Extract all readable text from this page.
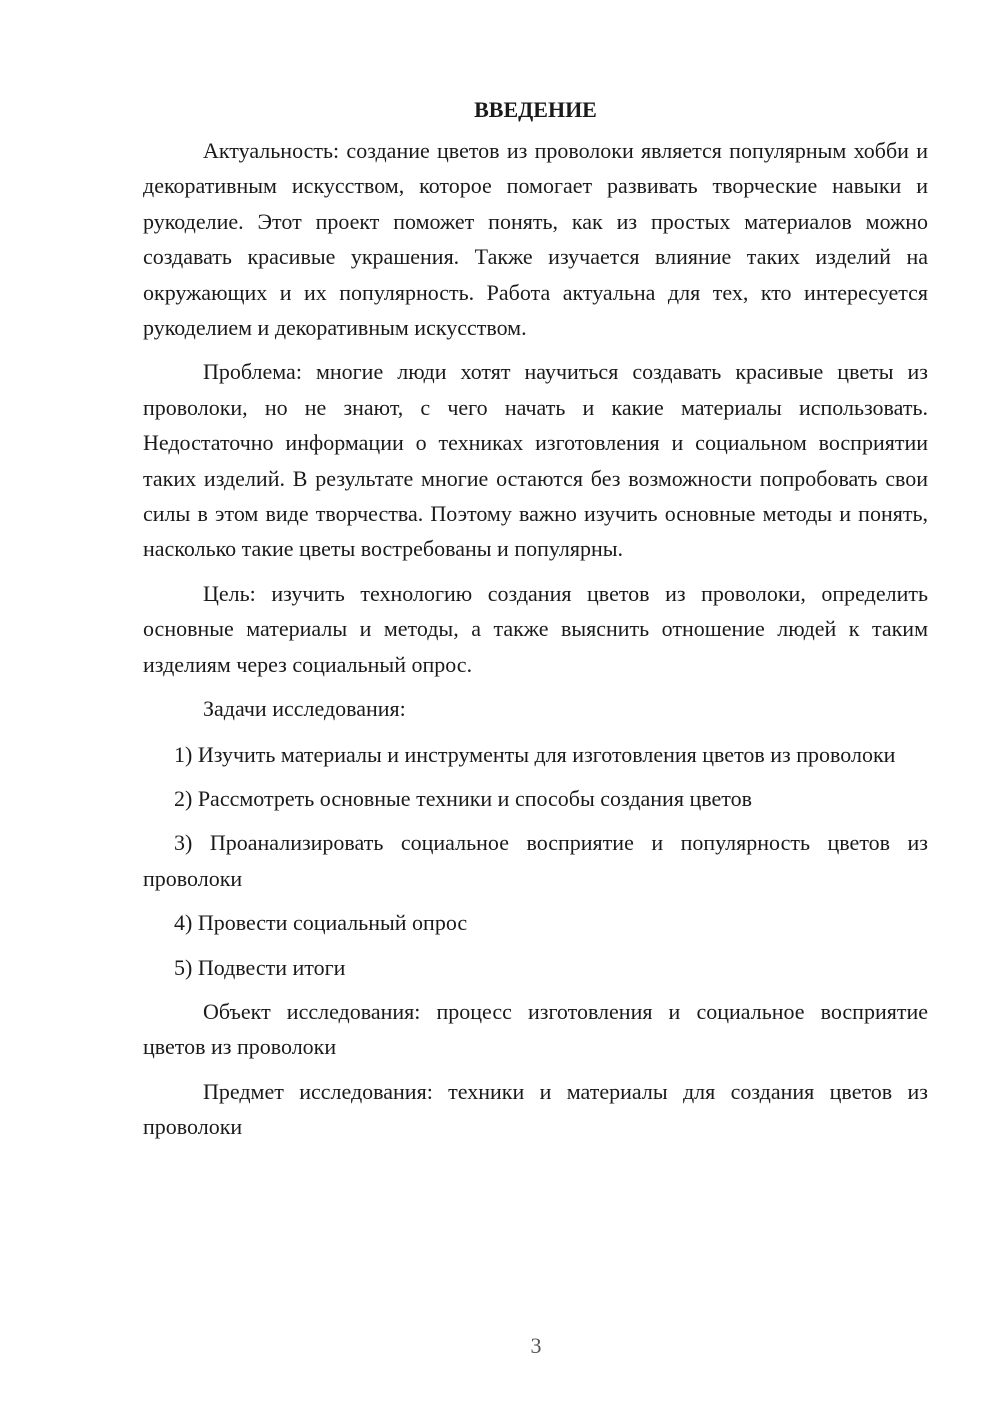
ВВЕДЕНИЕ

Актуальность: создание цветов из проволоки является популярным хобби и декоративным искусством, которое помогает развивать творческие навыки и рукоделие. Этот проект поможет понять, как из простых материалов можно создавать красивые украшения. Также изучается влияние таких изделий на окружающих и их популярность. Работа актуальна для тех, кто интересуется рукоделием и декоративным искусством.

Проблема: многие люди хотят научиться создавать красивые цветы из проволоки, но не знают, с чего начать и какие материалы использовать. Недостаточно информации о техниках изготовления и социальном восприятии таких изделий. В результате многие остаются без возможности попробовать свои силы в этом виде творчества. Поэтому важно изучить основные методы и понять, насколько такие цветы востребованы и популярны.

Цель: изучить технологию создания цветов из проволоки, определить основные материалы и методы, а также выяснить отношение людей к таким изделиям через социальный опрос.

Задачи исследования:

1) Изучить материалы и инструменты для изготовления цветов из проволоки

2) Рассмотреть основные техники и способы создания цветов

3) Проанализировать социальное восприятие и популярность цветов из проволоки

4) Провести социальный опрос

5) Подвести итоги

Объект исследования: процесс изготовления и социальное восприятие цветов из проволоки

Предмет исследования: техники и материалы для создания цветов из проволоки

3
